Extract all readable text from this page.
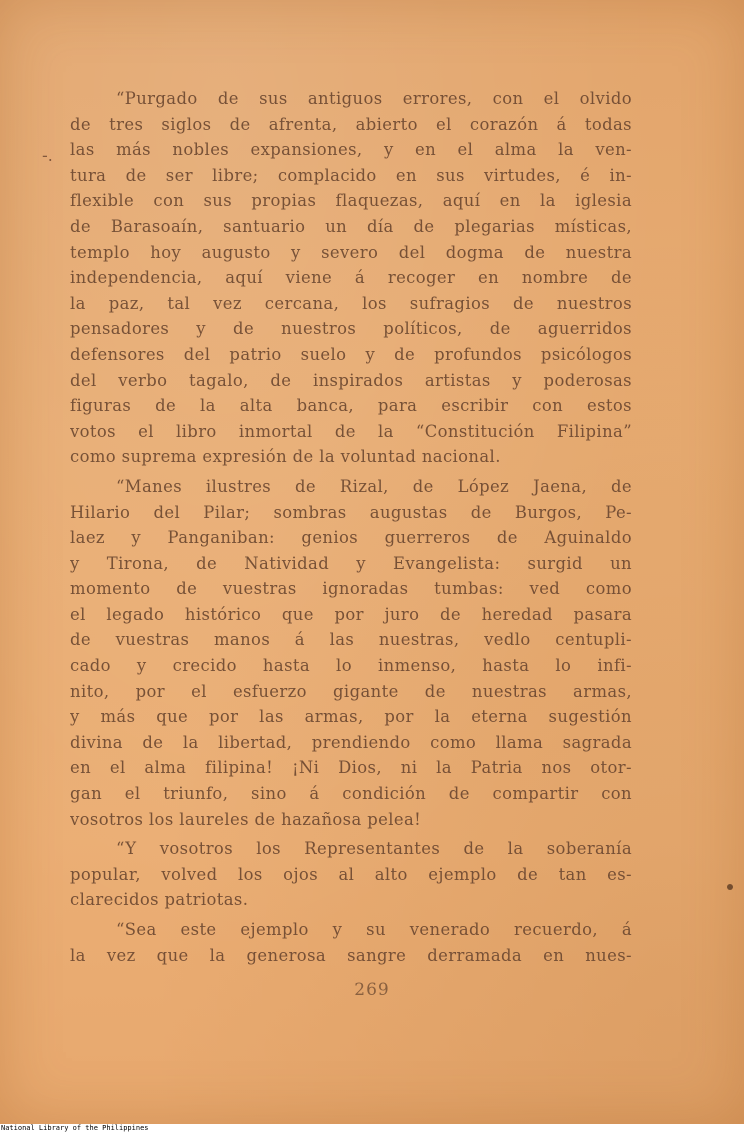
-.
“Purgado de sus antiguos errores, con el olvido
de tres siglos de afrenta, abierto el corazón á todas
las más nobles expansiones, y en el alma la ven-
tura de ser libre; complacido en sus virtudes, é in-
flexible con sus propias flaquezas, aquí en la iglesia
de Barasoaín, santuario un día de plegarias místicas,
templo hoy augusto y severo del dogma de nuestra
independencia, aquí viene á recoger en nombre de
la paz, tal vez cercana, los sufragios de nuestros
pensadores y de nuestros políticos, de aguerridos
defensores del patrio suelo y de profundos psicólogos
del verbo tagalo, de inspirados artistas y poderosas
figuras de la alta banca, para escribir con estos
votos el libro inmortal de la “Constitución Filipina”
como suprema expresión de la voluntad nacional.
“Manes ilustres de Rizal, de López Jaena, de
Hilario del Pilar; sombras augustas de Burgos, Pe-
laez y Panganiban: genios guerreros de Aguinaldo
y Tirona, de Natividad y Evangelista: surgid un
momento de vuestras ignoradas tumbas: ved como
el legado histórico que por juro de heredad pasara
de vuestras manos á las nuestras, vedlo centupli-
cado y crecido hasta lo inmenso, hasta lo infi-
nito, por el esfuerzo gigante de nuestras armas,
y más que por las armas, por la eterna sugestión
divina de la libertad, prendiendo como llama sagrada
en el alma filipina! ¡Ni Dios, ni la Patria nos otor-
gan el triunfo, sino á condición de compartir con
vosotros los laureles de hazañosa pelea!
“Y vosotros los Representantes de la soberanía
popular, volved los ojos al alto ejemplo de tan es-
clarecidos patriotas.
“Sea este ejemplo y su venerado recuerdo, á
la vez que la generosa sangre derramada en nues-
269
National Library of the Philippines
